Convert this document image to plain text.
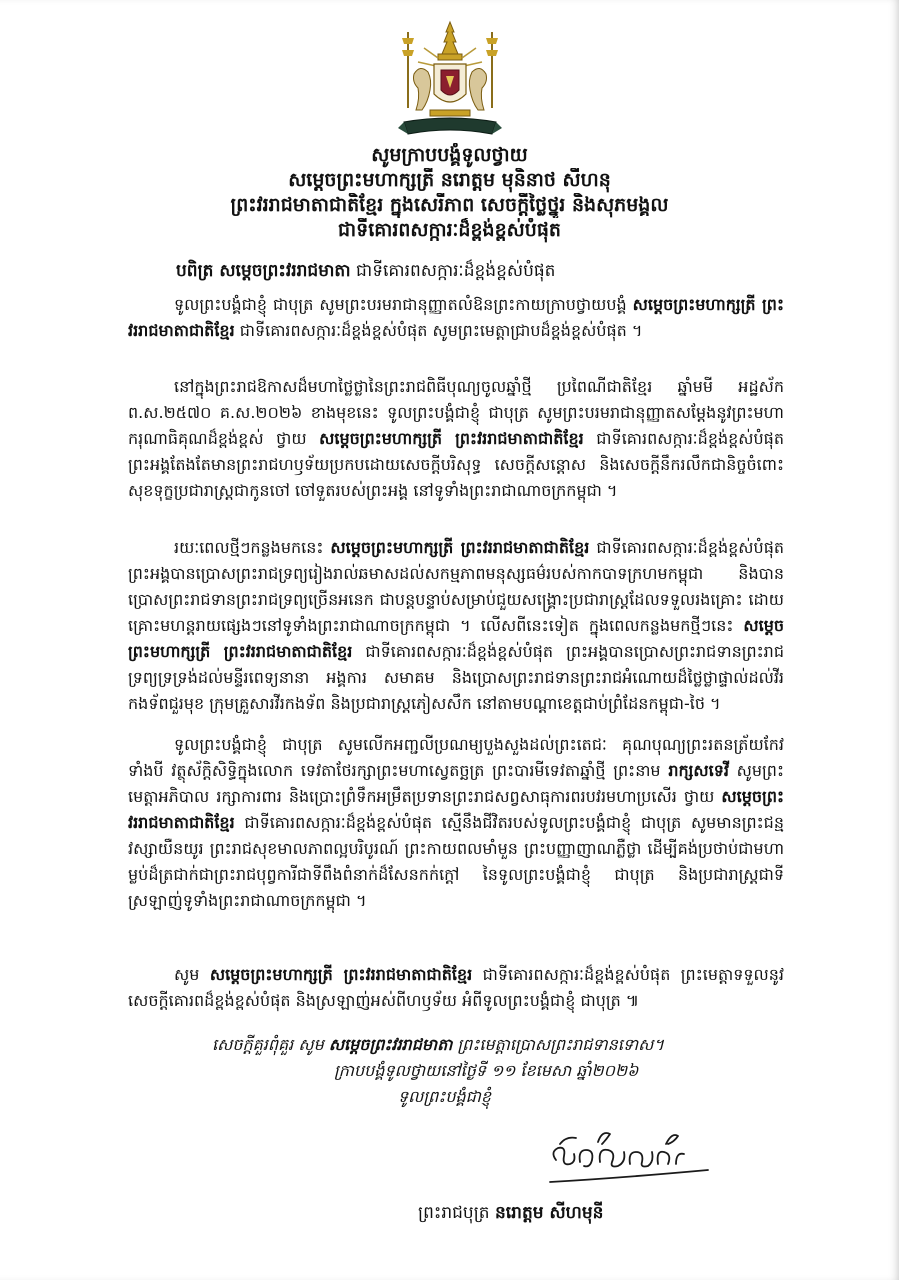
សូមក្រាបបង្គំទូលថ្វាយ
សម្តេចព្រះមហាក្សត្រី នរោត្តម មុនិនាថ សីហនុ
ព្រះវររាជមាតាជាតិខ្មែរ ក្នុងសេរីភាព សេចក្តីថ្លៃថ្នូរ និងសុភមង្គល
ជាទីគោរពសក្ការៈដ៏ខ្ពង់ខ្ពស់បំផុត
បពិត្រ សម្តេចព្រះវររាជមាតា ជាទីគោរពសក្ការៈដ៏ខ្ពង់ខ្ពស់បំផុត

ទូលព្រះបង្គំជាខ្ញុំ ជាបុត្រ សូមព្រះបរមរាជានុញ្ញាតលំឱនព្រះកាយក្រាបថ្វាយបង្គំ សម្តេចព្រះមហាក្សត្រី ព្រះវររាជមាតាជាតិខ្មែរ ជាទីគោរពសក្ការៈដ៏ខ្ពង់ខ្ពស់បំផុត សូមព្រះមេត្តាជ្រាបដ៏ខ្ពង់ខ្ពស់បំផុត ។

នៅក្នុងព្រះរាជឱកាសដ៏មហាថ្លៃថ្លានៃព្រះរាជពិធីបុណ្យចូលឆ្នាំថ្មី ប្រពៃណីជាតិខ្មែរ ឆ្នាំមមី អដ្ឋស័ក ព.ស.២៥៧០ គ.ស.២០២៦ ខាងមុខនេះ ទូលព្រះបង្គំជាខ្ញុំ ជាបុត្រ សូមព្រះបរមរាជានុញ្ញាតសម្តែងនូវព្រះមហាករុណាធិគុណដ៏ខ្ពង់ខ្ពស់ ថ្វាយ សម្តេចព្រះមហាក្សត្រី ព្រះវររាជមាតាជាតិខ្មែរ ជាទីគោរពសក្ការៈដ៏ខ្ពង់ខ្ពស់បំផុត ព្រះអង្គតែងតែមានព្រះរាជហឫទ័យប្រកបដោយសេចក្តីបរិសុទ្ធ សេចក្តីសន្តោស និងសេចក្តីនឹករលឹកជានិច្ចចំពោះសុខទុក្ខប្រជារាស្រ្តជាកូនចៅ ចៅទួតរបស់ព្រះអង្គ នៅទូទាំងព្រះរាជាណាចក្រកម្ពុជា ។

រយៈពេលថ្មីៗកន្លងមកនេះ សម្តេចព្រះមហាក្សត្រី ព្រះវររាជមាតាជាតិខ្មែរ ជាទីគោរពសក្ការៈដ៏ខ្ពង់ខ្ពស់បំផុត ព្រះអង្គបានប្រោសព្រះរាជទ្រព្យរៀងរាល់ឆមាសដល់សកម្មភាពមនុស្សធម៌របស់កាកបាទក្រហមកម្ពុជា និងបានប្រោសព្រះរាជទានព្រះរាជទ្រព្យច្រើនអនេក ជាបន្តបន្ទាប់សម្រាប់ជួយសង្គ្រោះប្រជារាស្រ្តដែលទទួលរងគ្រោះ ដោយគ្រោះមហន្តរាយផ្សេងៗនៅទូទាំងព្រះរាជាណាចក្រកម្ពុជា ។ លើសពីនេះទៀត ក្នុងពេលកន្លងមកថ្មីៗនេះ សម្តេចព្រះមហាក្សត្រី ព្រះវររាជមាតាជាតិខ្មែរ ជាទីគោរពសក្ការៈដ៏ខ្ពង់ខ្ពស់បំផុត ព្រះអង្គបានប្រោសព្រះរាជទានព្រះរាជទ្រព្យទ្រទ្រង់ដល់មន្ទីរពេទ្យនានា អង្គការ សមាគម និងប្រោសព្រះរាជទានព្រះរាជអំណោយដ៏ថ្លៃថ្លាផ្ទាល់ដល់វីរកងទ័ពជួរមុខ ក្រុមគ្រួសារវីរកងទ័ព និងប្រជារាស្ត្រភៀសសឹក នៅតាមបណ្តាខេត្តជាប់ព្រំដែនកម្ពុជា-ថៃ ។

ទូលព្រះបង្គំជាខ្ញុំ ជាបុត្រ សូមលើកអញ្ជលីប្រណម្យបួងសួងដល់ព្រះតេជៈ គុណបុណ្យព្រះរតនត្រ័យកែវទាំងបី វត្ថុស័ក្តិសិទ្ធិក្នុងលោក ទេវតាថែរក្សាព្រះមហាស្វេតច្ឆត្រ ព្រះបារមីទេវតាឆ្នាំថ្មី ព្រះនាម រាក្សសទេវី សូមព្រះមេត្តាអភិបាល រក្សាការពារ និងប្រោះព្រំទឹកអម្រឹតប្រទានព្រះរាជសព្វសាធុការពរបវរមហាប្រសើរ ថ្វាយ សម្តេចព្រះវររាជមាតាជាតិខ្មែរ ជាទីគោរពសក្ការៈដ៏ខ្ពង់ខ្ពស់បំផុត ស្មើនឹងជីវិតរបស់ទូលព្រះបង្គំជាខ្ញុំ ជាបុត្រ សូមមានព្រះជន្មវស្សាយឺនយូរ ព្រះរាជសុខមាលភាពល្អបរិបូរណ៍ ព្រះកាយពលមាំមួន ព្រះបញ្ញាញាណភ្លឺថ្លា ដើម្បីគង់ប្រថាប់ជាមហាម្លប់ដ៏ត្រជាក់ជាព្រះរាជបុព្វការីជាទីពឹងពំនាក់ដ៏សែនកក់ក្តៅ នៃទូលព្រះបង្គំជាខ្ញុំ ជាបុត្រ និងប្រជារាស្រ្តជាទីស្រឡាញ់ទូទាំងព្រះរាជាណាចក្រកម្ពុជា ។

សូម សម្តេចព្រះមហាក្សត្រី ព្រះវររាជមាតាជាតិខ្មែរ ជាទីគោរពសក្ការៈដ៏ខ្ពង់ខ្ពស់បំផុត ព្រះមេត្តាទទួលនូវសេចក្តីគោរពដ៏ខ្ពង់ខ្ពស់បំផុត និងស្រឡាញ់អស់ពីហឫទ័យ អំពីទូលព្រះបង្គំជាខ្ញុំ ជាបុត្រ ៕

សេចក្តីគួរពុំគួរ សូម សម្តេចព្រះវររាជមាតា ព្រះមេត្តាប្រោសព្រះរាជទានទោស។
ក្រាបបង្គំទូលថ្វាយនៅថ្ងៃទី ១១ ខែមេសា ឆ្នាំ២០២៦
ទូលព្រះបង្គំជាខ្ញុំ
ព្រះរាជបុត្រ នរោត្តម សីហមុនី
